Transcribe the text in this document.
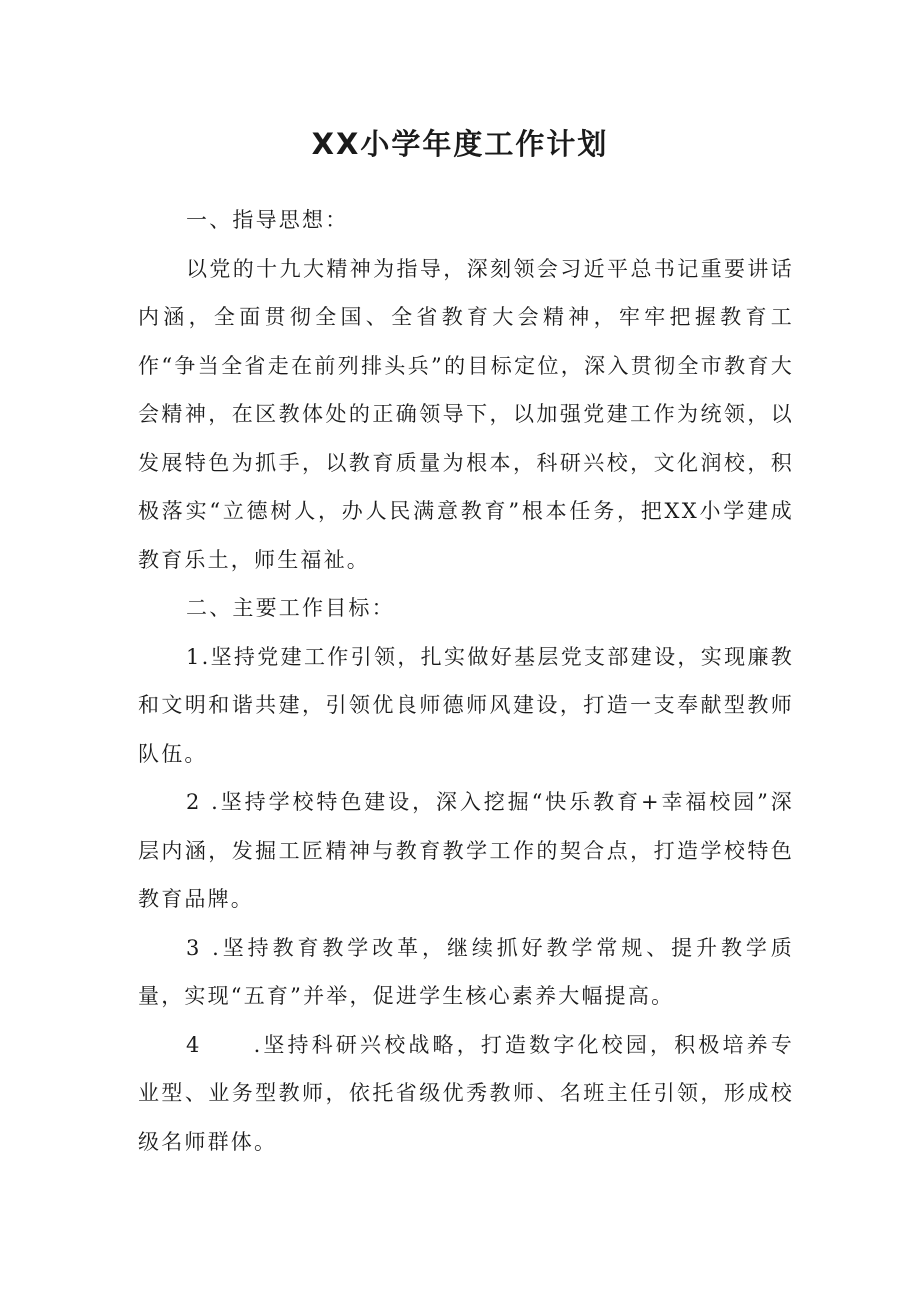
XX小学年度工作计划

一、指导思想：

以党的十九大精神为指导，深刻领会习近平总书记重要讲话内涵，全面贯彻全国、全省教育大会精神，牢牢把握教育工作“争当全省走在前列排头兵”的目标定位，深入贯彻全市教育大会精神，在区教体处的正确领导下，以加强党建工作为统领，以发展特色为抓手，以教育质量为根本，科研兴校，文化润校，积极落实“立德树人，办人民满意教育”根本任务，把XX小学建成教育乐土，师生福祉。

二、主要工作目标：

1.坚持党建工作引领，扎实做好基层党支部建设，实现廉教和文明和谐共建，引领优良师德师风建设，打造一支奉献型教师队伍。

2 .坚持学校特色建设，深入挖掘“快乐教育+幸福校园”深层内涵，发掘工匠精神与教育教学工作的契合点，打造学校特色教育品牌。

3 .坚持教育教学改革，继续抓好教学常规、提升教学质量，实现“五育”并举，促进学生核心素养大幅提高。

4 .坚持科研兴校战略，打造数字化校园，积极培养专业型、业务型教师，依托省级优秀教师、名班主任引领，形成校级名师群体。
